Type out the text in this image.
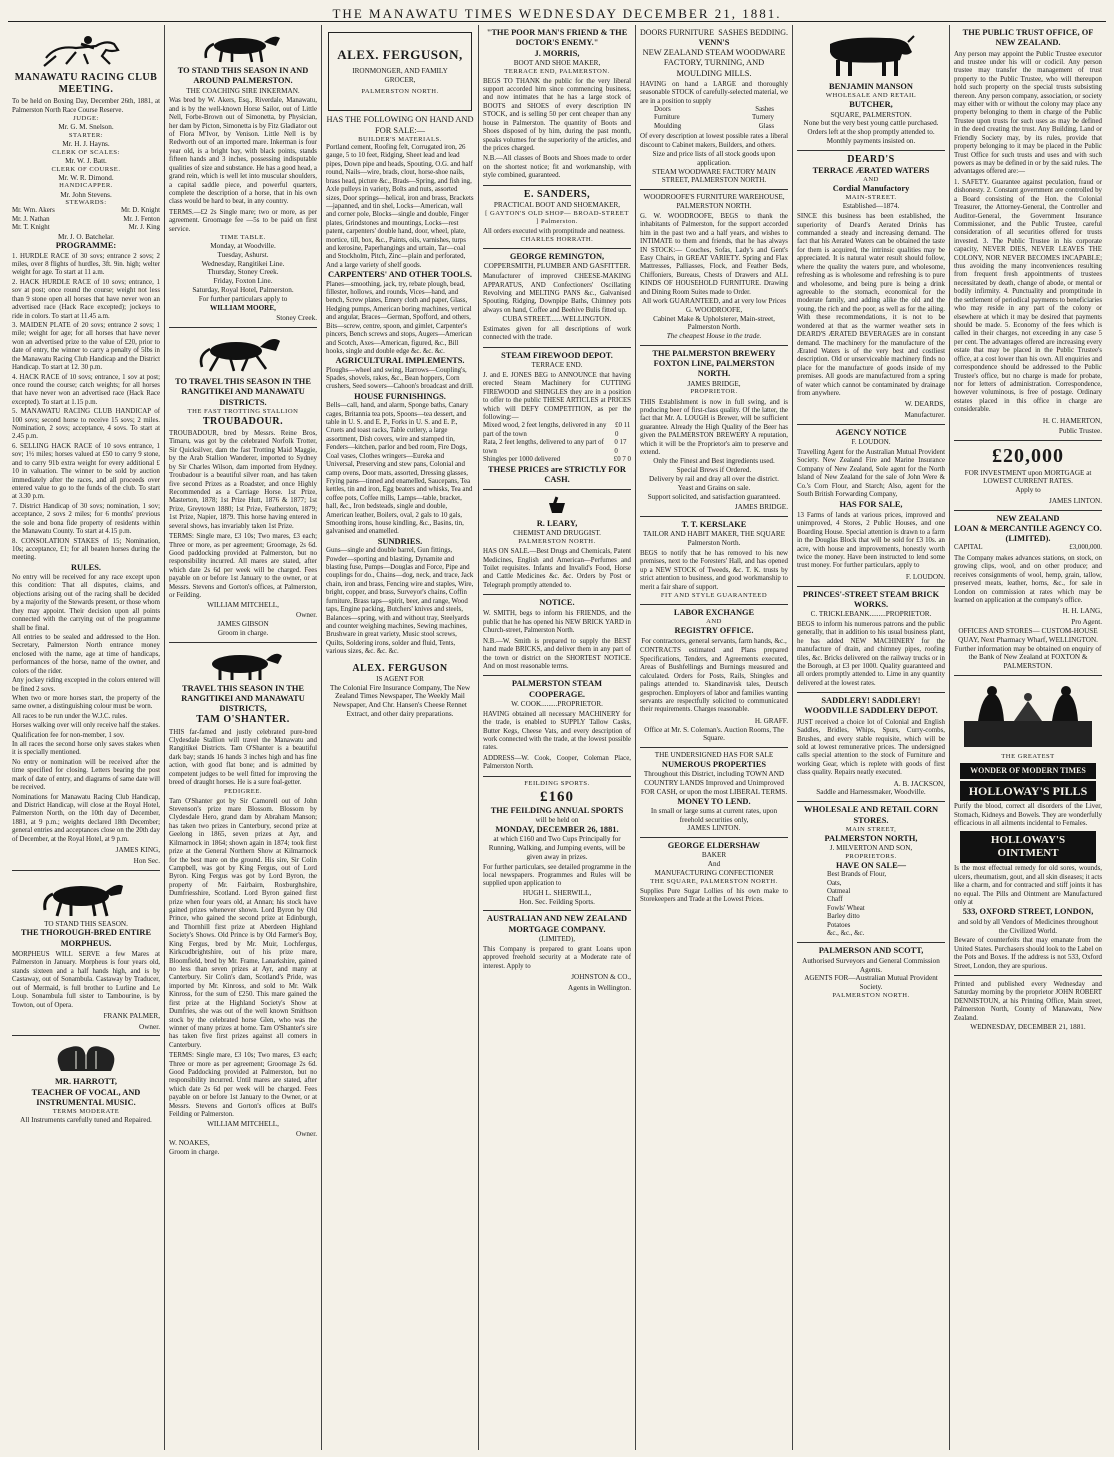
THE MANAWATU TIMES WEDNESDAY DECEMBER 21, 1881.
MANAWATU RACING CLUB MEETING.
To be held on Boxing Day, December 26th, 1881, at Palmerston North Race Course Reserve.
JUDGE:
Mr. G. M. Snelson.
STARTER:
Mr. H. J. Hayns.
CLERK OF SCALES:
Mr. W. J. Batt.
CLERK OF COURSE.
Mr. W. R. Dimond.
HANDICAPPER.
Mr. John Stevens.
STEWARDS:
Mr. Wm. Akers	Mr. D. Knight
Mr. J. Nathan	Mr. J. Fenton
Mr. T. Knight	Mr. J. King
Mr. J. O. Batchelar.
PROGRAMME:
1. HURDLE RACE of 30 sovs; entrance 2 sovs; 2 miles, over 8 flights of hurdles, 3ft. 9in. high; welter weight for age. To start at 11 a.m.
2. HACK HURDLE RACE of 10 sovs; entrance, 1 sov at post; once round the course; weight not less than 9 stone open all horses that have never won an advertised race (Hack Race excepted); jockeys to ride in colors. To start at 11.45 a.m.
3. MAIDEN PLATE of 20 sovs; entrance 2 sovs; 1 mile; weight for age; for all horses that have never won an advertised prize to the value of £20, prior to date of entry, the winner to carry a penalty of 5lbs in the Manawatu Racing Club Handicap and the District Handicap. To start at 12. 30 p.m.
4. HACK RACE of 10 sovs; entrance, 1 sov at post; once round the course; catch weights; for all horses that have never won an advertised race (Hack Race excepted). To start at 1.15 p.m.
5. MANAWATU RACING CLUB HANDICAP of 100 sovs; second horse to receive 15 sovs; 2 miles. Nomination, 2 sovs; acceptance, 4 sovs. To start at 2.45 p.m.
6. SELLING HACK RACE of 10 sovs entrance, 1 sov; 1½ miles; horses valued at £50 to carry 9 stone, and to carry 91b extra weight for every additional £ 10 in valuation. The winner to be sold by auction immediately after the races, and all proceeds over entered value to go to the funds of the club. To start at 3.30 p.m.
7. District Handicap of 30 sovs; nomination, 1 sov; acceptance, 2 sovs 2 miles; for 6 months' previous the sole and bona fide property of residents within the Manawatu County. To start at 4.15 p.m.
8. CONSOLATION STAKES of 15; Nomination, 10s; acceptance, £1; for all beaten horses during the meeting.
RULES.
No entry will be received for any race except upon this condition: That all disputes, claims, and objections arising out of the racing shall be decided by a majority of the Stewards present, or those whom they may appoint. Their decision upon all points connected with the carrying out of the programme shall be final.
All entries to be sealed and addressed to the Hon. Secretary, Palmerston North entrance money enclosed with the name, age at time of handicaps, performances of the horse, name of the owner, and colors of the rider.
Any jockey riding excepted in the colors entered will be fined 2 sovs.
When two or more horses start, the property of the same owner, a distinguishing colour must be worn.
All races to be run under the W.J.C. rules.
Horses walking over will only receive half the stakes.
Qualification fee for non-member, 1 sov.
In all races the second horse only saves stakes when it is specially mentioned.
No entry or nomination will be received after the time specified for closing. Letters bearing the post mark of date of entry, and diagrams of same date will be received.
Nominations for Manawatu Racing Club Handicap, and District Handicap, will close at the Royal Hotel, Palmerston North, on the 10th day of December, 1881, at 9 p.m.; weights declared 18th December; general entries and acceptances close on the 20th day of December, at the Royal Hotel, at 9 p.m.
JAMES KING,
Hon Sec.
TO STAND THIS SEASON.
THE THOROUGH-BRED ENTIRE MORPHEUS.
MORPHEUS WILL SERVE a few Mares at Palmerston in January. Morpheus is four years old, stands sixteen and a half hands high, and is by Castaway, out of Sonambula. Castaway by Traducer, out of Mermaid, is full brother to Lurline and Le Loup. Sonambula full sister to Tambourine, is by Towton, out of Opera.
FRANK PALMER,
Owner.
MR. HARROTT,
TEACHER OF VOCAL, AND INSTRUMENTAL MUSIC.
TERMS MODERATE
All Instruments carefully tuned and Repaired.
TO STAND THIS SEASON IN AND AROUND PALMERSTON.
THE COACHING SIRE INKERMAN.
Was bred by W. Akers, Esq., Riverdale, Manawatu, and is by the well-known Horse Sailor, out of Little Nell, Forbe-Brown out of Simonetta, by Physician, her dam by Picton, Simonetta is by Fitz Gladiator out of Flora M'Ivor, by Venison. Little Nell is by Redworth out of an imported mare. Inkerman is four year old, is a bright bay, with black points, stands fifteen hands and 3 inches, possessing indisputable qualities of size and substance. He has a good head, a grand rein, which is well let into muscular shoulders, a capital saddle piece, and powerful quarters, complete the description of a horse, that in his own class would be hard to beat, in any country.
TERMS.—£2 2s Single mare; two or more, as per agreement. Groomage fee —5s to be paid on first service.
TIME TABLE.
Monday, at Woodville.
Tuesday, Ashurst.
Wednesday, Rangitikei Line.
Thursday, Stoney Creek.
Friday, Foxton Line.
Saturday, Royal Hotel, Palmerston.
For further particulars apply to
WILLIAM MOORE,
Stoney Creek.
TO TRAVEL THIS SEASON IN THE RANGITIKEI AND MANAWATU DISTRICTS.
THE FAST TROTTING STALLION
TROUBADOUR.
TROUBADOUR, bred by Messrs. Reine Bros, Timaru, was got by the celebrated Norfolk Trotter, Sir Quicksilver, dam the fast Trotting Maid Maggie, by the Arab Stallion Wanderer, imported to Sydney by Sir Charles Wilson, dam imported from Hydney. Troubadour is a beautiful silver roan, and has taken five second Prizes as a Roadster, and once Highly Recommended as a Carriage Horse. 1st Prize, Masterton, 1878; 1st Prize Hutt, 1876 & 1877; 1st Prize, Greytown 1880; 1st Prize, Featherston, 1879; 1st Prize, Napier, 1879. This horse having entered in several shows, has invariably taken 1st Prize.
TERMS: Single mare, £3 10s; Two mares, £3 each; Three or more, as per agreement; Groomage, 2s 6d. Good paddocking provided at Palmerston, but no responsibility incurred. All mares are stated, after which date 2s 6d per week will be charged. Fees payable on or before 1st January to the owner, or at Messrs. Stevens and Gorton's offices, at Palmerston, or Feilding.
WILLIAM MITCHELL,
Owner.
JAMES GIBSON
Groom in charge.
TRAVEL THIS SEASON IN THE RANGITIKEI AND MANAWATU DISTRICTS,
TAM O'SHANTER.
THIS far-famed and justly celebrated pure-bred Clydesdale Stallion will travel the Manawatu and Rangitikei Districts. Tam O'Shanter is a beautiful dark bay; stands 16 hands 3 inches high and has fine action, with good flat bone; and is admitted by competent judges to be well fitted for improving the breed of draught horses. He is a sure foal-getter.
PEDIGREE.
Tam O'Shanter got by Sir Camorell out of John Stevenson's prize mare Blossom. Blossom by Clydesdale Hero, grand dam by Abraham Manson; has taken two prizes in Canterbury, second prize at Geelong in 1865, seven prizes at Ayr, and Kilmarnock in 1864; shown again in 1874; took first prize at the General Northern Show at Kilmarnock for the best mare on the ground. His sire, Sir Colin Campbell, was got by King Fergus, out of Lord Byron. King Fergus was got by Lord Byron, the property of Mr. Fairbairn, Roxburghshire, Dumfriesshire, Scotland. Lord Byron gained first prize when four years old, at Annan; his stock have gained prizes whenever shown. Lord Byron by Old Prince, who gained the second prize at Edinburgh, and Thornhill first prize at Aberdeen Highland Society's Shows. Old Prince is by Old Farmer's Boy, King Fergus, bred by Mr. Muir, Lochfergus, Kirkcudbrightshire, out of his prize mare, Bloomfield, bred by Mr. Frame, Lanarkshire, gained no less than seven prizes at Ayr, and many at Canterbury. Sir Colin's dam, Scotland's Pride, was imported by Mr. Kinross, and sold to Mr. Walk Kinross, for the sum of £250. This mare gained the first prize at the Highland Society's Show at Dumfries, she was out of the well known Smithson stock by the celebrated horse Glen, who was the winner of many prizes at home. Tam O'Shanter's sire has taken five first prizes against all comers in Canterbury.
TERMS: Single mare, £3 10s; Two mares, £3 each; Three or more as per agreement; Groomage 2s 6d. Good Paddocking provided at Palmerston, but no responsibility incurred. Until mares are stated, after which date 2s 6d per week will be charged. Fees payable on or before 1st January to the Owner, or at Messrs. Stevens and Gorton's offices at Bull's Feilding or Palmerston.
WILLIAM MITCHELL,
Owner.
W. NOAKES,
Groom in charge.
ALEX. FERGUSON,
IRONMONGER, AND FAMILY
GROCER,
PALMERSTON NORTH.
HAS THE FOLLOWING ON HAND AND FOR SALE:—
BUILDER'S MATERIALS.
Portland cement, Roofing felt, Corrugated iron, 26 gauge, 5 to 10 feet, Ridging, Sheet lead and lead pipes, Down pipe and heads, Spouting, O.G. and half round, Nails—wire, brads, clout, horse-shoe nails, brass head, picture &c., Brads—Spring, and fish ing, Axle pulleys in variety, Bolts and nuts, assorted sizes, Door springs—helical, iron and brass, Brackets—japanned, and tin shel, Locks—American, wall and corner pole, Blocks—single and double, Finger plates, Grindstones and mountings, Locks—rest patent, carpenters' double hand, door, wheel, plate, mortice, till, box, &c., Paints, oils, varnishes, turps and kerosine, Paperhangings and urtain, Tar—coal and Stockholm, Pitch, Zinc—plain and perforated, And a large variety of shelf goods.
CARPENTERS' AND OTHER TOOLS.
Planes—smoothing, jack, try, rebate plough, bead, fillester, hollows, and rounds, Vices—hand, and bench, Screw plates, Emery cloth and paper, Glass, Hedging pumps, American boring machines, vertical and angular, Braces—German, Spofford, and others, Bits—screw, centre, spoon, and gimlet, Carpenter's pincers, Bench screws and stops, Augers—American and Scotch, Axes—American, figured, &c., Bill hooks, single and double edge &c. &c. &c.
AGRICULTURAL IMPLEMENTS.
Ploughs—wheel and swing, Harrows—Coupling's, Spades, shovels, rakes, &c., Bean hoppers, Corn crushers, Seed sowers—Cahoon's broadcast and drill.
HOUSE FURNISHINGS.
Bells—call, hand, and alarm, Sponge baths, Canary cages, Britannia tea pots, Spoons—tea dessert, and table in U. S. and E. P., Forks in U. S. and E. P., Cruets and toast racks, Table cutlery, a large assortment, Dish covers, wire and stamped tin, Fenders—kitchen, parlor and bed room, Fire Dogs, Coal vases, Clothes wringers—Eureka and Universal, Preserving and stew pans, Colonial and camp ovens, Door mats, assorted, Dressing glasses, Frying pans—tinned and enamelled, Saucepans, Tea kettles, tin and iron, Egg beaters and whisks, Tea and coffee pots, Coffee mills, Lamps—table, bracket, hall, &c., Iron bedsteads, single and double, American leather, Boilers, oval, 2 gals to 10 gals, Smoothing irons, house kindling, &c., Basins, tin, galvanised and enamelled.
SUNDRIES.
Guns—single and double barrel, Gun fittings, Powder—sporting and blasting, Dynamite and blasting fuse, Pumps—Douglas and Force, Pipe and couplings for do., Chains—dog, neck, and trace, Jack chain, iron and brass, Fencing wire and staples, Wire, bright, copper, and brass, Surveyor's chains, Coffin furniture, Brass taps—spirit, beer, and range, Wood taps, Engine packing, Butchers' knives and steels, Balances—spring, with and without tray, Steelyards and counter weighing machines, Sewing machines, Brushware in great variety, Music stool screws, Quilts, Soldering irons, solder and fluid, Tents, various sizes, &c. &c. &c.
ALEX. FERGUSON
IS AGENT FOR
The Colonial Fire Insurance Company, The New Zealand Times Newspaper, The Weekly Mail Newspaper, And Chr. Hansen's Cheese Rennet Extract, and other dairy preparations.
"THE POOR MAN'S FRIEND & THE DOCTOR'S ENEMY."
J. MORRIS,
BOOT AND SHOE MAKER,
TERRACE END, PALMERSTON.
BEGS TO THANK the public for the very liberal support accorded him since commencing business, and now intimates that he has a large stock of BOOTS and SHOES of every description IN STOCK, and is selling 50 per cent cheaper than any house in Palmerston. The quantity of Boots and Shoes disposed of by him, during the past month, speaks volumes for the superiority of the articles, and the prices charged.
N.B.—All classes of Boots and Shoes made to order on the shortest notice; fit and workmanship, with style combined, guaranteed.
E. SANDERS,
PRACTICAL BOOT AND SHOEMAKER,
[ GAYTON'S OLD SHOP— BROAD-STREET ] Palmerston.
All orders executed with promptitude and neatness.
CHARLES HORRATH.
GEORGE REMINGTON,
COPPERSMITH, PLUMBER AND GASFITTER.
Manufacturer of improved CHEESE-MAKING APPARATUS, AND Confectioners' Oscillating Revolving and MELTING PANS &c., Galvanised Spouting, Ridging, Downpipe Baths, Chimney pots always on hand, Coffee and Beehive Bulis fitted up.
CUBA STREET.......WELLINGTON.
Estimates given for all descriptions of work connected with the trade.
STEAM FIREWOOD DEPOT.
TERRACE END.
J. and E. JONES BEG to ANNOUNCE that having erected Steam Machinery for CUTTING FIREWOOD and SHINGLES they are in a position to offer to the public THESE ARTICLES at PRICES which will DEFY COMPETITION, as per the following:—
Mixed wood, 2 feet lengths, delivered in any part of the town
£0 11 0
Rata, 2 feet lengths, delivered to any part of town
0 17 0
Shingles per 1000 delivered	£0 7 0
THESE PRICES are STRICTLY FOR CASH.
R. LEARY,
CHEMIST AND DRUGGIST.
PALMERSTON NORTH.
HAS ON SALE.—Best Drugs and Chemicals, Patent Medicines, English and American—Perfumes and Toilet requisites. Infants and Invalid's Food, Horse and Cattle Medicines &c. &c. Orders by Post or Telegraph promptly attended to.
NOTICE.
W. SMITH, begs to inform his FRIENDS, and the public that he has opened his NEW BRICK YARD in Church-street, Palmerston North.
N.B.—W. Smith is prepared to supply the BEST hand made BRICKS, and deliver them in any part of the town or district on the SHORTEST NOTICE. And on most reasonable terms.
PALMERSTON STEAM COOPERAGE.
W. COOK.........PROPRIETOR.
HAVING obtained all necessary MACHINERY for the trade, is enabled to SUPPLY Tallow Casks, Butter Kegs, Cheese Vats, and every description of work connected with the trade, at the lowest possible rates.
ADDRESS—W. Cook, Cooper, Coleman Place, Palmerston North.
FEILDING SPORTS.
£160
THE FEILDING ANNUAL SPORTS
will be held on
MONDAY, DECEMBER 26, 1881.
at which £160 and Two Cups Principally for Running, Walking, and Jumping events, will be given away in prizes.
For further particulars, see detailed programme in the local newspapers. Programmes and Rules will be supplied upon application to
HUGH L. SHERWILL,
Hon. Sec. Feilding Sports.
AUSTRALIAN AND NEW ZEALAND MORTGAGE COMPANY.
(LIMITED),
This Company is prepared to grant Loans upon approved freehold security at a Moderate rate of interest. Apply to
JOHNSTON & CO.,
Agents in Wellington.
DOORS FURNITURE SASHES BEDDING.
VENN'S
NEW ZEALAND STEAM WOODWARE FACTORY, TURNING, AND MOULDING MILLS.
HAVING on hand a LARGE and thoroughly seasonable STOCK of carefully-selected material, we are in a position to supply
Doors	Sashes
Furniture	Turnery
Moulding	Glass
Of every description at lowest possible rates a liberal discount to Cabinet makers, Builders, and others.
Size and price lists of all stock goods upon application.
STEAM WOODWARE FACTORY MAIN STREET, PALMERSTON NORTH.
WOODROOFE'S FURNITURE WAREHOUSE, PALMERSTON NORTH.
G. W. WOODROOFE, BEGS to thank the inhabitants of Palmerston, for the support accorded him in the past two and a half years, and wishes to INTIMATE to them and friends, that he has always IN STOCK:— Couches, Sofas, Lady's and Gent's Easy Chairs, in GREAT VARIETY. Spring and Flax Mattresses, Palliasses, Flock, and Feather Beds, Chiffoniers, Bureaus, Chests of Drawers and ALL KINDS OF HOUSEHOLD FURNITURE. Drawing and Dining Room Suites made to Order.
All work GUARANTEED, and at very low Prices
G. WOODROOFE,
Cabinet Make & Upholsterer, Main-street, Palmerston North.
The cheapest House in the trade.
THE PALMERSTON BREWERY FOXTON LINE, PALMERSTON NORTH.
JAMES BRIDGE,
PROPRIETOR.
THIS Establishment is now in full swing, and is producing beer of first-class quality. Of the latter, the fact that Mr. A. LOUGH is Brewer, will be sufficient guarantee. Already the High Quality of the Beer has given the PALMERSTON BREWERY A reputation, which it will be the Proprietor's aim to preserve and extend.
Only the Finest and Best ingredients used.
Special Brews if Ordered.
Delivery by rail and dray all over the district.
Yeast and Grains on sale.
Support solicited, and satisfaction guaranteed.
JAMES BRIDGE.
T. T. KERSLAKE
TAILOR AND HABIT MAKER, THE SQUARE
Palmerston North.
BEGS to notify that he has removed to his new premises, next to the Foresters' Hall, and has opened up a NEW STOCK of Tweeds, &c. T. K. trusts by strict attention to business, and good workmanship to merit a fair share of support.
FIT AND STYLE GUARANTEED
LABOR EXCHANGE
AND
REGISTRY OFFICE.
For contractors, general servants, farm hands, &c.,
CONTRACTS estimated and Plans prepared Specifications, Tenders, and Agreements executed, Areas of Bushfellings and Burnings measured and calculated. Orders for Posts, Rails, Shingles and palings attended to. Skandinavisk tales, Deutsch gesprochen. Employers of labor and families wanting servants are respectfully solicited to communicated their requirements. Charges reasonable.
H. GRAFF.
Office at Mr. S. Coleman's. Auction Rooms, The Square.
THE UNDERSIGNED HAS FOR SALE
NUMEROUS PROPERTIES
Throughout this District, including TOWN AND COUNTRY LANDS Improved and Unimproved FOR CASH, or upon the most LIBERAL TERMS.
MONEY TO LEND.
In small or large sums at current rates, upon freehold securities only,
JAMES LINTON.
GEORGE ELDERSHAW
BAKER
And
MANUFACTURING CONFECTIONER
THE SQUARE, PALMERSTON NORTH.
Supplies Pure Sugar Lollies of his own make to Storekeepers and Trade at the Lowest Prices.
BENJAMIN MANSON
WHOLESALE AND RETAIL
BUTCHER,
SQUARE, PALMERSTON.
None but the very best young cattle purchased.
Orders left at the shop promptly attended to.
Monthly payments insisted on.
DEARD'S
TERRACE ÆRATED WATERS
AND
Cordial Manufactory
MAIN-STREET.
Established—1874.
SINCE this business has been established, the superiority of Deard's Aerated Drinks has commanded a steady and increasing demand. The fact that his Aerated Waters can be obtained the taste for them is acquired, the intrinsic qualities may be appreciated. It is natural water result should follow, where the quality the waters pure, and wholesome, refreshing as is wholesome and refreshing is to pure and wholesome, and being pure is being a drink agreeable to the stomach, economical for the moderate family, and adding alike the old and the young, the rich and the poor, as well as for the ailing. With these recommendations, it is not to be wondered at that as the warmer weather sets in DEARD'S ÆRATED BEVERAGES are in constant demand. The machinery for the manufacture of the Ærated Waters is of the very best and costliest description. Old or unserviceable machinery finds no place for the manufacture of goods inside of my premises. All goods are manufactured from a spring of water which cannot be contaminated by drainage from anywhere.
W. DEARDS,
Manufacturer.
AGENCY NOTICE
F. LOUDON.
Travelling Agent for the Australian Mutual Provident Society. New Zealand Fire and Marine Insurance Company of New Zealand, Sole agent for the North Island of New Zealand for the sale of John Were & Co.'s Corn Flour, and Starch; Also, agent for the South British Forwarding Company,
HAS FOR SALE,
13 Farms of lands at various prices, improved and unimproved, 4 Stores, 2 Public Houses, and one Boarding House. Special attention is drawn to a farm in the Douglas Block that will be sold for £3 10s. an acre, with house and improvements, honestly worth twice the money. Have been instructed to lend some trust money. For further particulars, apply to
F. LOUDON.
PRINCES'-STREET STEAM BRICK WORKS.
C. TRICKLEBANK.........PROPRIETOR.
BEGS to inform his numerous patrons and the public generally, that in addition to his usual business plant, he has added NEW MACHINERY for the manufacture of drain, and chimney pipes, roofing tiles, &c. Bricks delivered on the railway trucks or in the Borough, at £3 per 1000. Quality guaranteed and all orders promptly attended to. Lime in any quantity delivered at the lowest rates.
SADDLERY! SADDLERY!
WOODVILLE SADDLERY DEPOT.
JUST received a choice lot of Colonial and English Saddles, Bridles, Whips, Spurs, Curry-combs, Brushes, and every stable requisite, which will be sold at lowest remunerative prices. The undersigned calls special attention to the stock of Furniture and working Gear, which is replete with goods of first class quality. Repairs neatly executed.
A. B. JACKSON,
Saddle and Harnessmaker, Woodville.
WHOLESALE AND RETAIL CORN STORES.
MAIN STREET,
PALMERSTON NORTH,
J. MILVERTON AND SON,
PROPRIETORS.
HAVE ON SALE—
Best Brands of Flour,
Oats,
Oatmeal
Chaff
Fowls' Wheat
Barley ditto
Potatoes
&c., &c., &c.
PALMERSON AND SCOTT,
Authorised Surveyors and General Commission Agents.
AGENTS FOR—Australian Mutual Provident Society.
PALMERSTON NORTH.
THE PUBLIC TRUST OFFICE, OF NEW ZEALAND.
Any person may appoint the Public Trustee executor and trustee under his will or codicil. Any person trustee may transfer the management of trust property to the Public Trustee, who will thereupon hold such property on the special trusts subsisting thereon. Any person company, association, or society may either with or without the colony may place any property belonging to them in charge of the Public Trustee upon trusts for such uses as may be defined in the deed creating the trust. Any Building, Land or Friendly Society may, by its rules, provide that property belonging to it may be placed in the Public Trust Office for such trusts and uses and with such powers as may be defined in or by the said rules. The advantages offered are:—
1. SAFETY. Guarantee against peculation, fraud or dishonesty. 2. Constant government are controlled by a Board consisting of the Hon. the Colonial Treasurer, the Attorney-General, the Controller and Auditor-General, the Government Insurance Commissioner, and the Public Trustee, careful consideration of all securities offered for trusts invested. 3. The Public Trustee in his corporate capacity, NEVER DIES, NEVER LEAVES THE COLONY, NOR NEVER BECOMES INCAPABLE; thus avoiding the many inconveniences resulting from frequent fresh appointments of trustees necessitated by death, change of abode, or mental or bodily infirmity. 4. Punctuality and promptitude in the settlement of periodical payments to beneficiaries who may reside in any part of the colony or elsewhere at which it may be desired that payments should be made. 5. Economy of the fees which is called in their charges, not exceeding in any case 5 per cent. The advantages offered are increasing every estate that may be placed in the Public Trustee's office, at a cost lower than his own. All enquiries and correspondence should be addressed to the Public Trustee's office, but no charge is made for probate, nor for letters of administration. Correspondence, however voluminous, is free of postage. Ordinary estates placed in this office in charge are considerable.
H. C. HAMERTON,
Public Trustee.
£20,000
FOR INVESTMENT upon MORTGAGE at LOWEST CURRENT RATES.
Apply to
JAMES LINTON.
NEW ZEALAND
LOAN & MERCANTILE AGENCY CO. (LIMITED).
CAPITAL	£3,000,000.
The Company makes advances stations, on stock, on growing clips, wool, and on other produce; and receives consignments of wool, hemp, grain, tallow, preserved meats, leather, horns, &c., for sale in London on commission at rates which may be learned on application at the company's office.
H. H. LANG,
Pro Agent.
OFFICES AND STORES— CUSTOM-HOUSE QUAY, Next Pharmacy Wharf, WELLINGTON.
Further information may be obtained on enquiry of the Bank of New Zealand at FOXTON & PALMERSTON.
THE GREATEST
WONDER OF MODERN TIMES
HOLLOWAY'S PILLS
Purify the blood, correct all disorders of the Liver, Stomach, Kidneys and Bowels. They are wonderfully efficacious in all ailments incidental to Females.
HOLLOWAY'S OINTMENT
Is the most effectual remedy for old sores, wounds, ulcers, rheumatism, gout, and all skin diseases; it acts like a charm, and for contracted and stiff joints it has no equal. The Pills and Ointment are Manufactured only at
533, OXFORD STREET, LONDON,
and sold by all Vendors of Medicines throughout the Civilized World.
Beware of counterfeits that may emanate from the United States. Purchasers should look to the Label on the Pots and Boxes. If the address is not 533, Oxford Street, London, they are spurious.
Printed and published every Wednesday and Saturday morning by the proprietor JOHN ROBERT DENNISTOUN, at his Printing Office, Main street, Palmerston North, County of Manawatu, New Zealand.
WEDNESDAY, DECEMBER 21, 1881.
